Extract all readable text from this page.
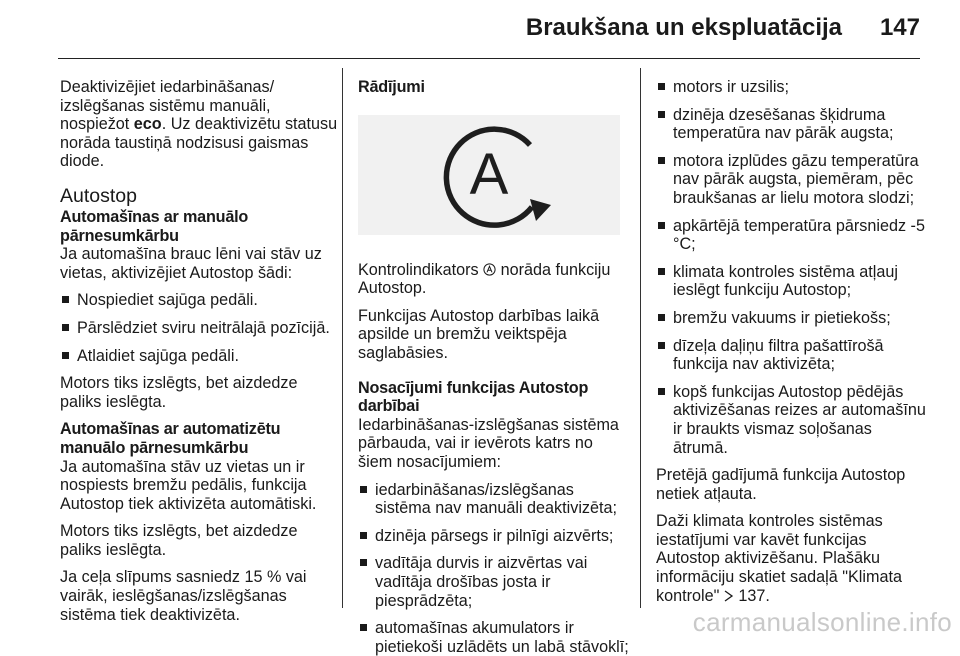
Braukšana un ekspluatācija 147

Deaktivizējiet iedarbināšanas/ izslēgšanas sistēmu manuāli, nospiežot eco. Uz deaktivizētu statusu norāda taustiņā nodzisusi gaismas diode.

Autostop
Automašīnas ar manuālo pārnesumkārbu

Ja automašīna brauc lēni vai stāv uz vietas, aktivizējiet Autostop šādi:

Nospiediet sajūga pedāli.
Pārslēdziet sviru neitrālajā pozīcijā.
Atlaidiet sajūga pedāli.

Motors tiks izslēgts, bet aizdedze paliks ieslēgta.

Automašīnas ar automatizētu manuālo pārnesumkārbu

Ja automašīna stāv uz vietas un ir nospiests bremžu pedālis, funkcija Autostop tiek aktivizēta automātiski.

Motors tiks izslēgts, bet aizdedze paliks ieslēgta.

Ja ceļa slīpums sasniedz 15 % vai vairāk, ieslēgšanas/izslēgšanas sistēma tiek deaktivizēta.

Rādījumi
A

Kontrolindikators  norāda funkciju Autostop.

Funkcijas Autostop darbības laikā apsilde un bremžu veiktspēja saglabāsies.

Nosacījumi funkcijas Autostop darbībai

Iedarbināšanas-izslēgšanas sistēma pārbauda, vai ir ievērots katrs no šiem nosacījumiem:

iedarbināšanas/izslēgšanas sistēma nav manuāli deaktivizēta;
dzinēja pārsegs ir pilnīgi aizvērts;
vadītāja durvis ir aizvērtas vai vadītāja drošības josta ir piesprādzēta;
automašīnas akumulators ir pietiekoši uzlādēts un labā stāvoklī;
motors ir uzsilis;
dzinēja dzesēšanas šķidruma temperatūra nav pārāk augsta;
motora izplūdes gāzu temperatūra nav pārāk augsta, piemēram, pēc braukšanas ar lielu motora slodzi;
apkārtējā temperatūra pārsniedz -5 °C;
klimata kontroles sistēma atļauj ieslēgt funkciju Autostop;
bremžu vakuums ir pietiekošs;
dīzeļa daļiņu filtra pašattīrošā funkcija nav aktivizēta;
kopš funkcijas Autostop pēdējās aktivizēšanas reizes ar automašīnu ir braukts vismaz soļošanas ātrumā.

Pretējā gadījumā funkcija Autostop netiek atļauta.

Daži klimata kontroles sistēmas iestatījumi var kavēt funkcijas Autostop aktivizēšanu. Plašāku informāciju skatiet sadaļā "Klimata kontrole"  137.

carmanualsonline.info
